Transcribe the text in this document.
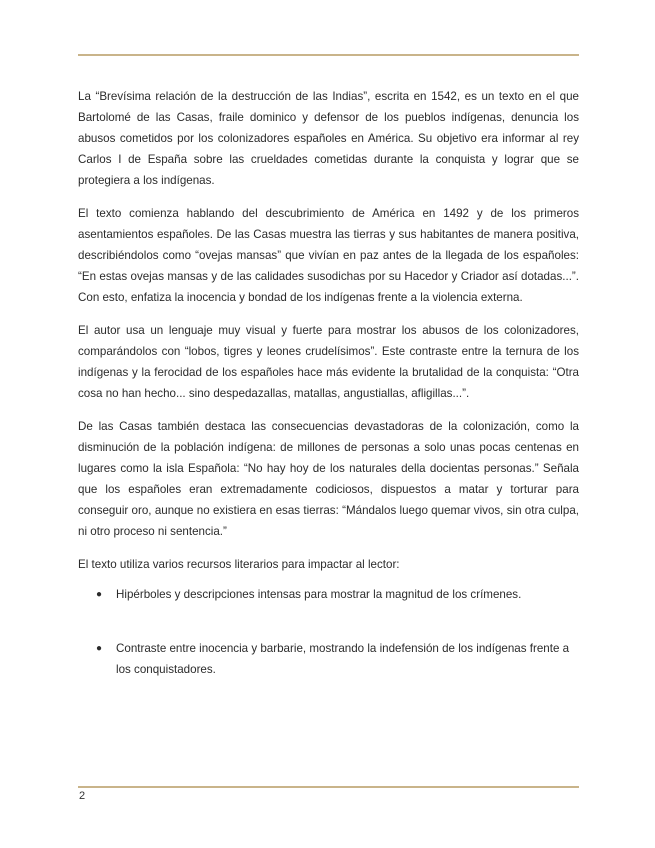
La “Brevísima relación de la destrucción de las Indias”, escrita en 1542, es un texto en el que Bartolomé de las Casas, fraile dominico y defensor de los pueblos indígenas, denuncia los abusos cometidos por los colonizadores españoles en América. Su objetivo era informar al rey Carlos I de España sobre las crueldades cometidas durante la conquista y lograr que se protegiera a los indígenas.

El texto comienza hablando del descubrimiento de América en 1492 y de los primeros asentamientos españoles. De las Casas muestra las tierras y sus habitantes de manera positiva, describiéndolos como “ovejas mansas” que vivían en paz antes de la llegada de los españoles: “En estas ovejas mansas y de las calidades susodichas por su Hacedor y Criador así dotadas...”. Con esto, enfatiza la inocencia y bondad de los indígenas frente a la violencia externa.

El autor usa un lenguaje muy visual y fuerte para mostrar los abusos de los colonizadores, comparándolos con “lobos, tigres y leones crudelísimos”. Este contraste entre la ternura de los indígenas y la ferocidad de los españoles hace más evidente la brutalidad de la conquista: “Otra cosa no han hecho... sino despedazallas, matallas, angustiallas, afligillas...”.

De las Casas también destaca las consecuencias devastadoras de la colonización, como la disminución de la población indígena: de millones de personas a solo unas pocas centenas en lugares como la isla Española: “No hay hoy de los naturales della docientas personas.” Señala que los españoles eran extremadamente codiciosos, dispuestos a matar y torturar para conseguir oro, aunque no existiera en esas tierras: “Mándalos luego quemar vivos, sin otra culpa, ni otro proceso ni sentencia.”

El texto utiliza varios recursos literarios para impactar al lector:

● Hipérboles y descripciones intensas para mostrar la magnitud de los crímenes.
● Contraste entre inocencia y barbarie, mostrando la indefensión de los indígenas frente a los conquistadores.
2
